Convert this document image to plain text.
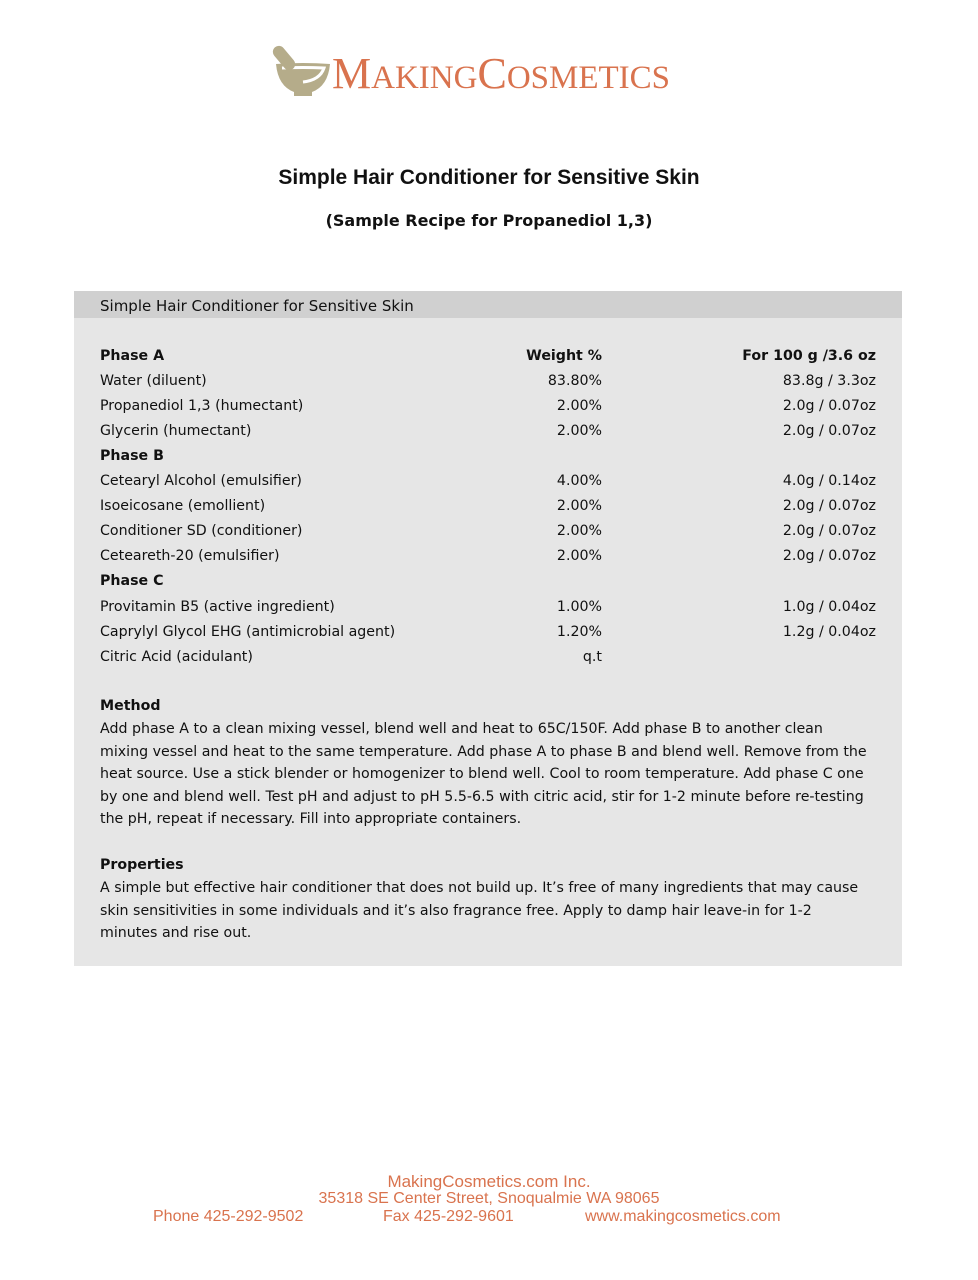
MAKINGCOSMETICS
Simple Hair Conditioner for Sensitive Skin
(Sample Recipe for Propanediol 1,3)
Simple Hair Conditioner for Sensitive Skin
Phase A	Weight %	For 100 g /3.6 oz
Water (diluent)	83.80%	83.8g / 3.3oz
Propanediol 1,3 (humectant)	2.00%	2.0g / 0.07oz
Glycerin (humectant)	2.00%	2.0g / 0.07oz
Phase B
Cetearyl Alcohol (emulsifier)	4.00%	4.0g / 0.14oz
Isoeicosane (emollient)	2.00%	2.0g / 0.07oz
Conditioner SD (conditioner)	2.00%	2.0g / 0.07oz
Ceteareth-20 (emulsifier)	2.00%	2.0g / 0.07oz
Phase C
Provitamin B5 (active ingredient)	1.00%	1.0g / 0.04oz
Caprylyl Glycol EHG (antimicrobial agent)	1.20%	1.2g / 0.04oz
Citric Acid (acidulant)	q.t
Method
Add phase A to a clean mixing vessel, blend well and heat to 65C/150F. Add phase B to another clean mixing vessel and heat to the same temperature. Add phase A to phase B and blend well. Remove from the heat source. Use a stick blender or homogenizer to blend well. Cool to room temperature. Add phase C one by one and blend well. Test pH and adjust to pH 5.5-6.5 with citric acid, stir for 1-2 minute before re-testing the pH, repeat if necessary. Fill into appropriate containers.
Properties
A simple but effective hair conditioner that does not build up. It’s free of many ingredients that may cause skin sensitivities in some individuals and it’s also fragrance free. Apply to damp hair leave-in for 1-2 minutes and rise out.
MakingCosmetics.com Inc.
35318 SE Center Street, Snoqualmie WA 98065
Phone 425-292-9502	Fax 425-292-9601	www.makingcosmetics.com
